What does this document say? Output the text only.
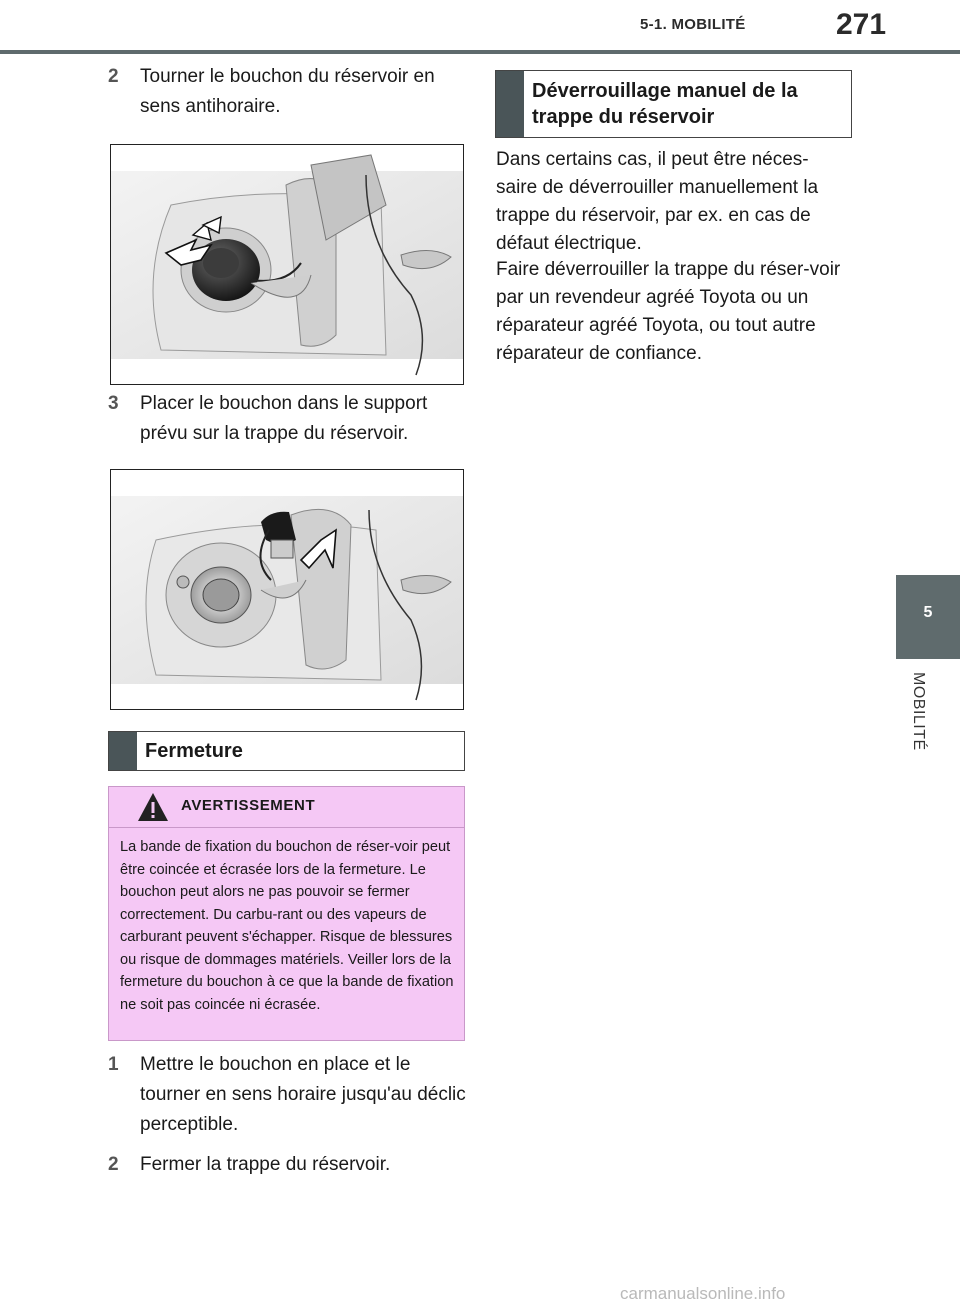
5-1. MOBILITÉ	271
5
MOBILITÉ
2	Tourner le bouchon du réservoir en sens antihoraire.
3	Placer le bouchon dans le support prévu sur la trappe du réservoir.
Fermeture
AVERTISSEMENT
La bande de fixation du bouchon de réser-voir peut être coincée et écrasée lors de la fermeture. Le bouchon peut alors ne pas pouvoir se fermer correctement. Du carbu-rant ou des vapeurs de carburant peuvent s'échapper. Risque de blessures ou risque de dommages matériels. Veiller lors de la fermeture du bouchon à ce que la bande de fixation ne soit pas coincée ni écrasée.
1	Mettre le bouchon en place et le tourner en sens horaire jusqu'au déclic perceptible.
2	Fermer la trappe du réservoir.
Déverrouillage manuel de la trappe du réservoir
Dans certains cas, il peut être néces-saire de déverrouiller manuellement la trappe du réservoir, par ex. en cas de défaut électrique.
Faire déverrouiller la trappe du réser-voir par un revendeur agréé Toyota ou un réparateur agréé Toyota, ou tout autre réparateur de confiance.
carmanualsonline.info
